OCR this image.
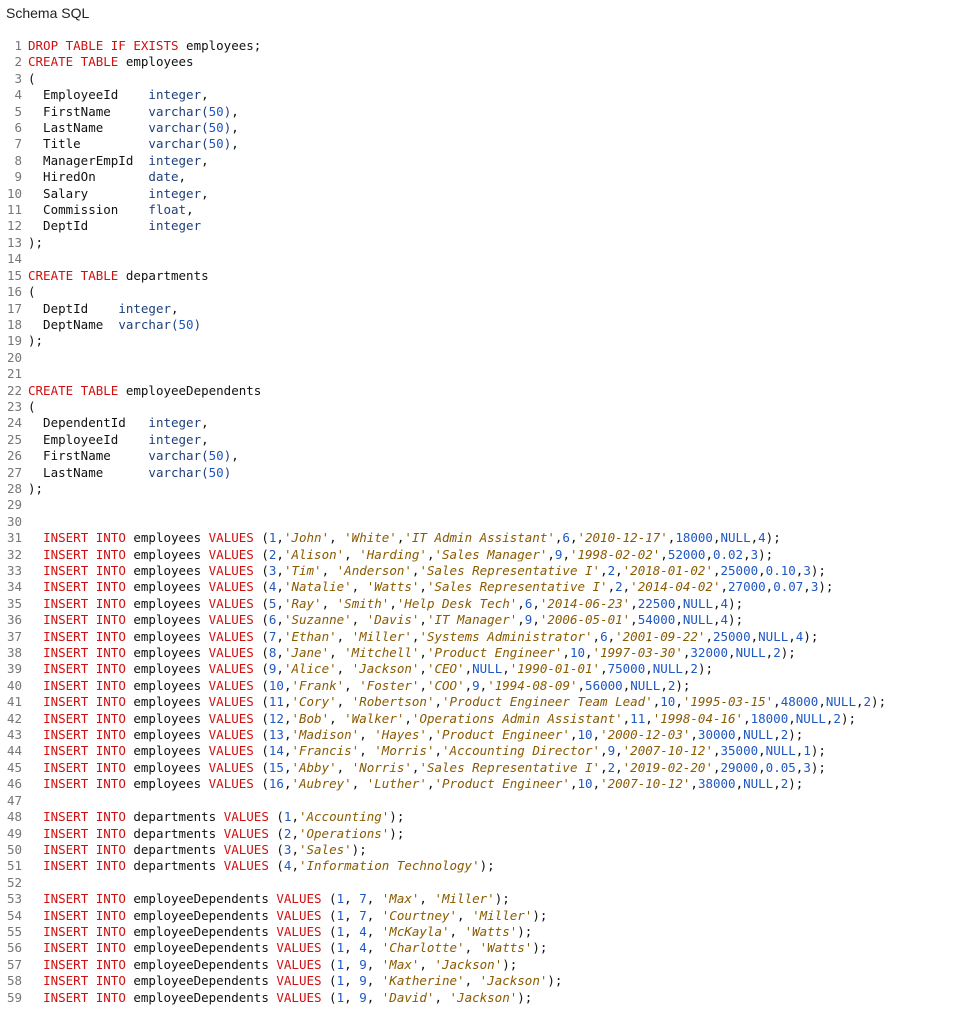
Schema SQL
1 DROP TABLE IF EXISTS employees;
2 CREATE TABLE employees
3 (
4  EmployeeId    integer,
5  FirstName     varchar(50),
6  LastName      varchar(50),
7  Title         varchar(50),
8  ManagerEmpId  integer,
9  HiredOn       date,
10  Salary        integer,
11  Commission    float,
12  DeptId        integer
13 );
14
15 CREATE TABLE departments
16 (
17  DeptId    integer,
18  DeptName  varchar(50)
19 );
20
21
22 CREATE TABLE employeeDependents
23 (
24  DependentId   integer,
25  EmployeeId    integer,
26  FirstName     varchar(50),
27  LastName      varchar(50)
28 );
29
30
31 INSERT INTO employees VALUES (1,'John', 'White','IT Admin Assistant',6,'2010-12-17',18000,NULL,4);
32 INSERT INTO employees VALUES (2,'Alison', 'Harding','Sales Manager',9,'1998-02-02',52000,0.02,3);
33 INSERT INTO employees VALUES (3,'Tim', 'Anderson','Sales Representative I',2,'2018-01-02',25000,0.10,3);
34 INSERT INTO employees VALUES (4,'Natalie', 'Watts','Sales Representative I',2,'2014-04-02',27000,0.07,3);
35 INSERT INTO employees VALUES (5,'Ray', 'Smith','Help Desk Tech',6,'2014-06-23',22500,NULL,4);
36 INSERT INTO employees VALUES (6,'Suzanne', 'Davis','IT Manager',9,'2006-05-01',54000,NULL,4);
37 INSERT INTO employees VALUES (7,'Ethan', 'Miller','Systems Administrator',6,'2001-09-22',25000,NULL,4);
38 INSERT INTO employees VALUES (8,'Jane', 'Mitchell','Product Engineer',10,'1997-03-30',32000,NULL,2);
39 INSERT INTO employees VALUES (9,'Alice', 'Jackson','CEO',NULL,'1990-01-01',75000,NULL,2);
40 INSERT INTO employees VALUES (10,'Frank', 'Foster','COO',9,'1994-08-09',56000,NULL,2);
41 INSERT INTO employees VALUES (11,'Cory', 'Robertson','Product Engineer Team Lead',10,'1995-03-15',48000,NULL,2);
42 INSERT INTO employees VALUES (12,'Bob', 'Walker','Operations Admin Assistant',11,'1998-04-16',18000,NULL,2);
43 INSERT INTO employees VALUES (13,'Madison', 'Hayes','Product Engineer',10,'2000-12-03',30000,NULL,2);
44 INSERT INTO employees VALUES (14,'Francis', 'Morris','Accounting Director',9,'2007-10-12',35000,NULL,1);
45 INSERT INTO employees VALUES (15,'Abby', 'Norris','Sales Representative I',2,'2019-02-20',29000,0.05,3);
46 INSERT INTO employees VALUES (16,'Aubrey', 'Luther','Product Engineer',10,'2007-10-12',38000,NULL,2);
47
48 INSERT INTO departments VALUES (1,'Accounting');
49 INSERT INTO departments VALUES (2,'Operations');
50 INSERT INTO departments VALUES (3,'Sales');
51 INSERT INTO departments VALUES (4,'Information Technology');
52
53 INSERT INTO employeeDependents VALUES (1, 7, 'Max', 'Miller');
54 INSERT INTO employeeDependents VALUES (1, 7, 'Courtney', 'Miller');
55 INSERT INTO employeeDependents VALUES (1, 4, 'McKayla', 'Watts');
56 INSERT INTO employeeDependents VALUES (1, 4, 'Charlotte', 'Watts');
57 INSERT INTO employeeDependents VALUES (1, 9, 'Max', 'Jackson');
58 INSERT INTO employeeDependents VALUES (1, 9, 'Katherine', 'Jackson');
59 INSERT INTO employeeDependents VALUES (1, 9, 'David', 'Jackson');
